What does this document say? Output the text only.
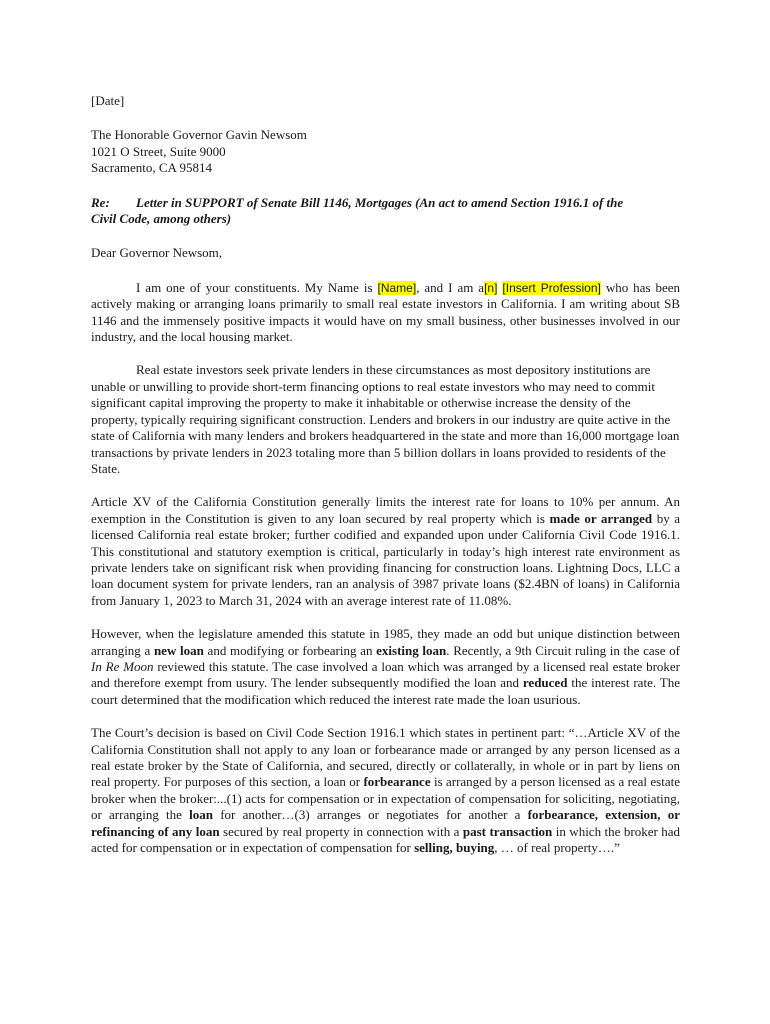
[Date]

The Honorable Governor Gavin Newsom

1021 O Street, Suite 9000

Sacramento, CA 95814

Re: Letter in SUPPORT of Senate Bill 1146, Mortgages (An act to amend Section 1916.1 of the
Civil Code, among others)

Dear Governor Newsom,

I am one of your constituents. My Name is [Name], and I am a[n] [Insert Profession] who has been actively making or arranging loans primarily to small real estate investors in California. I am writing about SB 1146 and the immensely positive impacts it would have on my small business, other businesses involved in our industry, and the local housing market.

Real estate investors seek private lenders in these circumstances as most depository institutions are unable or unwilling to provide short-term financing options to real estate investors who may need to commit significant capital improving the property to make it inhabitable or otherwise increase the density of the property, typically requiring significant construction. Lenders and brokers in our industry are quite active in the state of California with many lenders and brokers headquartered in the state and more than 16,000 mortgage loan transactions by private lenders in 2023 totaling more than 5 billion dollars in loans provided to residents of the State.

Article XV of the California Constitution generally limits the interest rate for loans to 10% per annum. An exemption in the Constitution is given to any loan secured by real property which is made or arranged by a licensed California real estate broker; further codified and expanded upon under California Civil Code 1916.1. This constitutional and statutory exemption is critical, particularly in today’s high interest rate environment as private lenders take on significant risk when providing financing for construction loans. Lightning Docs, LLC a loan document system for private lenders, ran an analysis of 3987 private loans ($2.4BN of loans) in California from January 1, 2023 to March 31, 2024 with an average interest rate of 11.08%.

However, when the legislature amended this statute in 1985, they made an odd but unique distinction between arranging a new loan and modifying or forbearing an existing loan. Recently, a 9th Circuit ruling in the case of In Re Moon reviewed this statute. The case involved a loan which was arranged by a licensed real estate broker and therefore exempt from usury. The lender subsequently modified the loan and reduced the interest rate. The court determined that the modification which reduced the interest rate made the loan usurious.

The Court’s decision is based on Civil Code Section 1916.1 which states in pertinent part: “…Article XV of the California Constitution shall not apply to any loan or forbearance made or arranged by any person licensed as a real estate broker by the State of California, and secured, directly or collaterally, in whole or in part by liens on real property. For purposes of this section, a loan or forbearance is arranged by a person licensed as a real estate broker when the broker:...(1) acts for compensation or in expectation of compensation for soliciting, negotiating, or arranging the loan for another…(3) arranges or negotiates for another a forbearance, extension, or refinancing of any loan secured by real property in connection with a past transaction in which the broker had acted for compensation or in expectation of compensation for selling, buying, … of real property….”
